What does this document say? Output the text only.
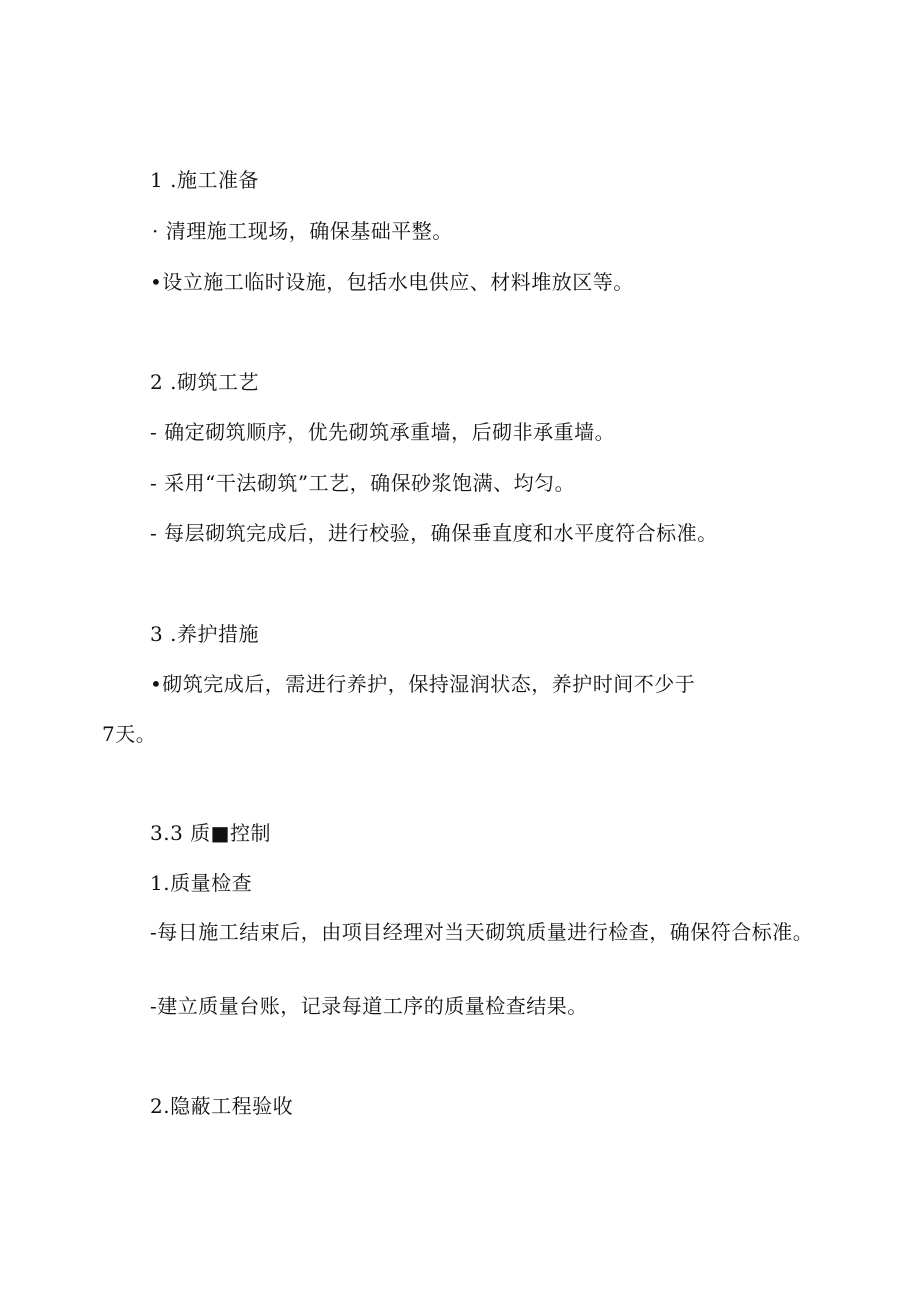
1 .施工准备
· 清理施工现场，确保基础平整。
•设立施工临时设施，包括水电供应、材料堆放区等。
2 .砌筑工艺
- 确定砌筑顺序，优先砌筑承重墙，后砌非承重墙。
- 采用“干法砌筑”工艺，确保砂浆饱满、均匀。
- 每层砌筑完成后，进行校验，确保垂直度和水平度符合标准。
3 .养护措施
•砌筑完成后，需进行养护，保持湿润状态，养护时间不少于
7天。
3.3 质■控制
1.质量检查
-每日施工结束后，由项目经理对当天砌筑质量进行检查，确保符合标准。
-建立质量台账，记录每道工序的质量检查结果。
2.隐蔽工程验收
